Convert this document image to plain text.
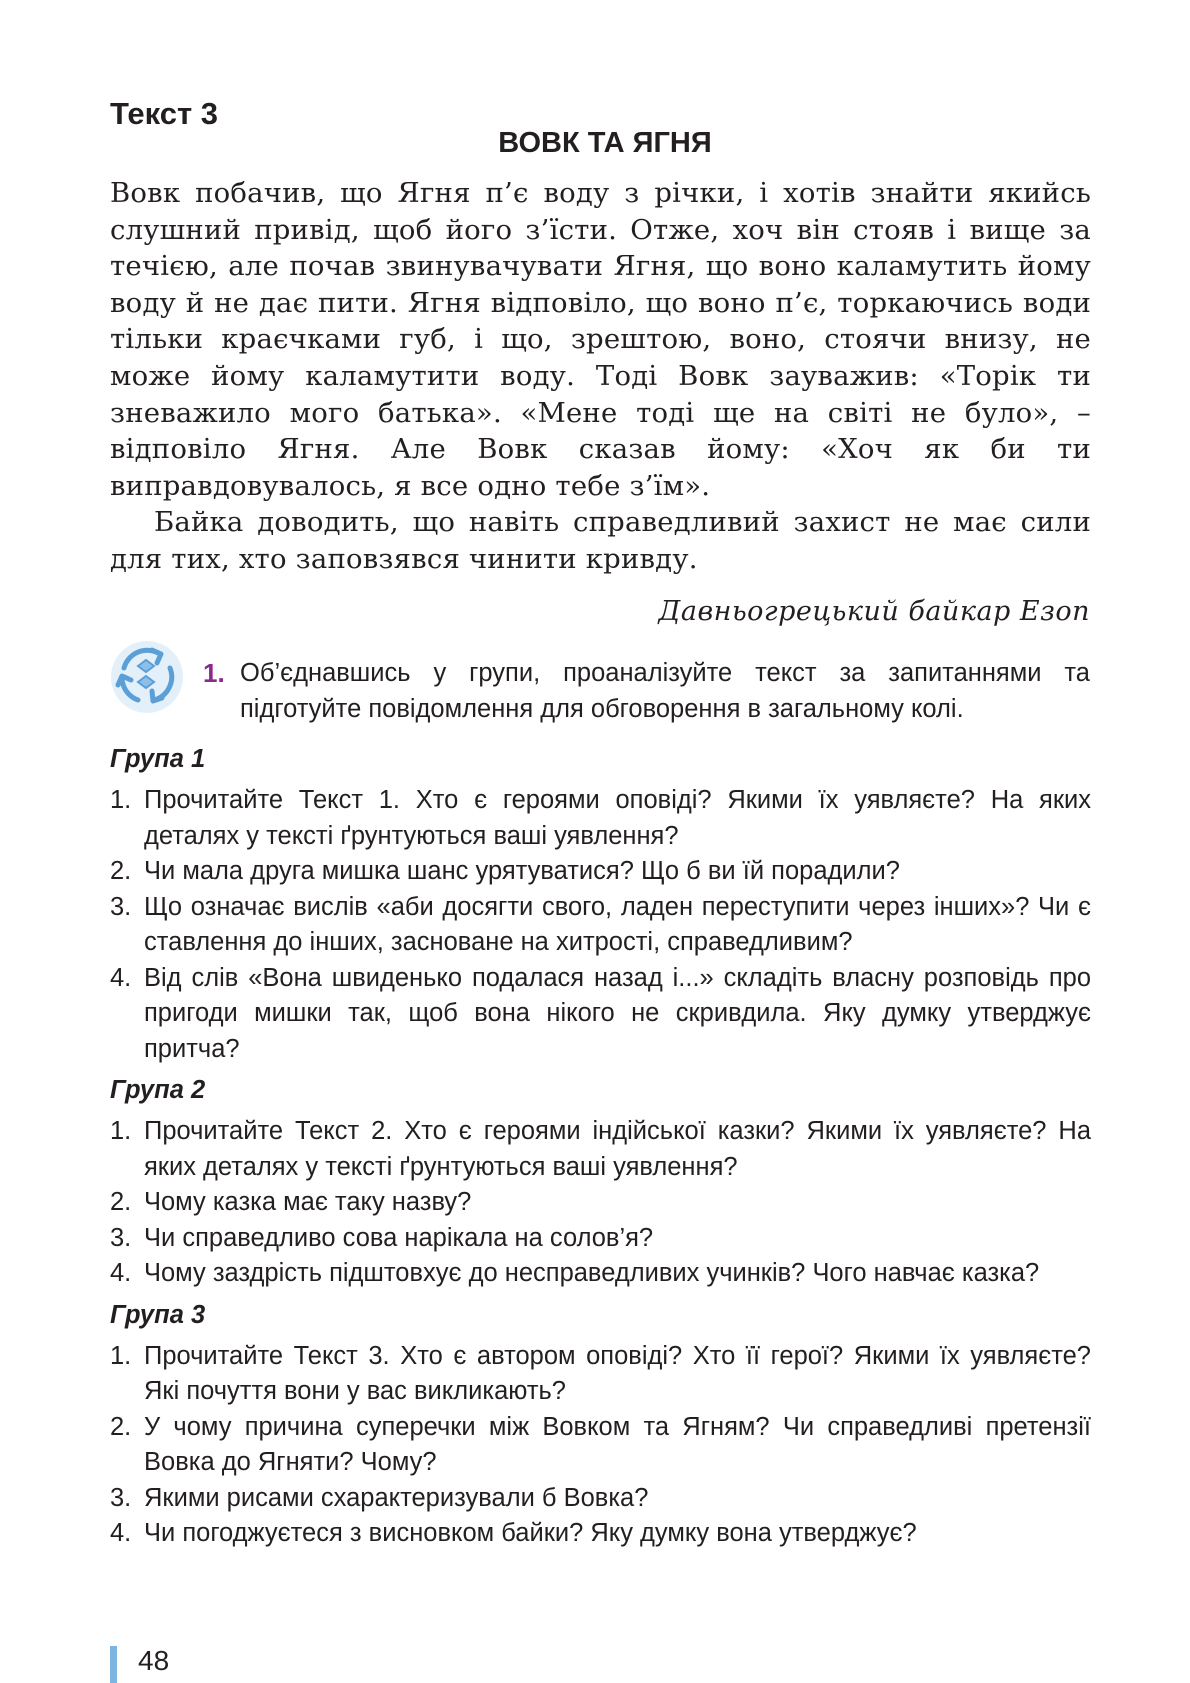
Текст 3
ВОВК ТА ЯГНЯ

Вовк побачив, що Ягня п’є воду з річки, і хотів знайти якийсь слушний привід, щоб його з’їсти. Отже, хоч він стояв і вище за течією, але почав звинувачувати Ягня, що воно каламутить йому воду й не дає пити. Ягня відповіло, що воно п’є, торкаючись води тільки краєчками губ, і що, зрештою, воно, стоячи внизу, не може йому каламутити воду. Тоді Вовк зауважив: «Торік ти зневажило мого батька». «Мене тоді ще на світі не було», – відповіло Ягня. Але Вовк сказав йому: «Хоч як би ти виправдовувалось, я все одно тебе з’їм».

Байка доводить, що навіть справедливий захист не має сили для тих, хто заповзявся чинити кривду.

Давньогрецький байкар Езоп
1. Об’єднавшись у групи, проаналізуйте текст за запитаннями та підготуйте повідомлення для обговорення в загальному колі.
Група 1
1. Прочитайте Текст 1. Хто є героями оповіді? Якими їх уявляєте? На яких деталях у тексті ґрунтуються ваші уявлення?
2. Чи мала друга мишка шанс урятуватися? Що б ви їй порадили?
3. Що означає вислів «аби досягти свого, ладен переступити через інших»? Чи є ставлення до інших, засноване на хитрості, справедливим?
4. Від слів «Вона швиденько подалася назад і...» складіть власну розповідь про пригоди мишки так, щоб вона нікого не скривдила. Яку думку утверджує притча?
Група 2
1. Прочитайте Текст 2. Хто є героями індійської казки? Якими їх уявляєте? На яких деталях у тексті ґрунтуються ваші уявлення?
2. Чому казка має таку назву?
3. Чи справедливо сова нарікала на солов’я?
4. Чому заздрість підштовхує до несправедливих учинків? Чого навчає казка?
Група 3
1. Прочитайте Текст 3. Хто є автором оповіді? Хто її герої? Якими їх уявляєте? Які почуття вони у вас викликають?
2. У чому причина суперечки між Вовком та Ягням? Чи справедливі претензії Вовка до Ягняти? Чому?
3. Якими рисами схарактеризували б Вовка?
4. Чи погоджуєтеся з висновком байки? Яку думку вона утверджує?
48
